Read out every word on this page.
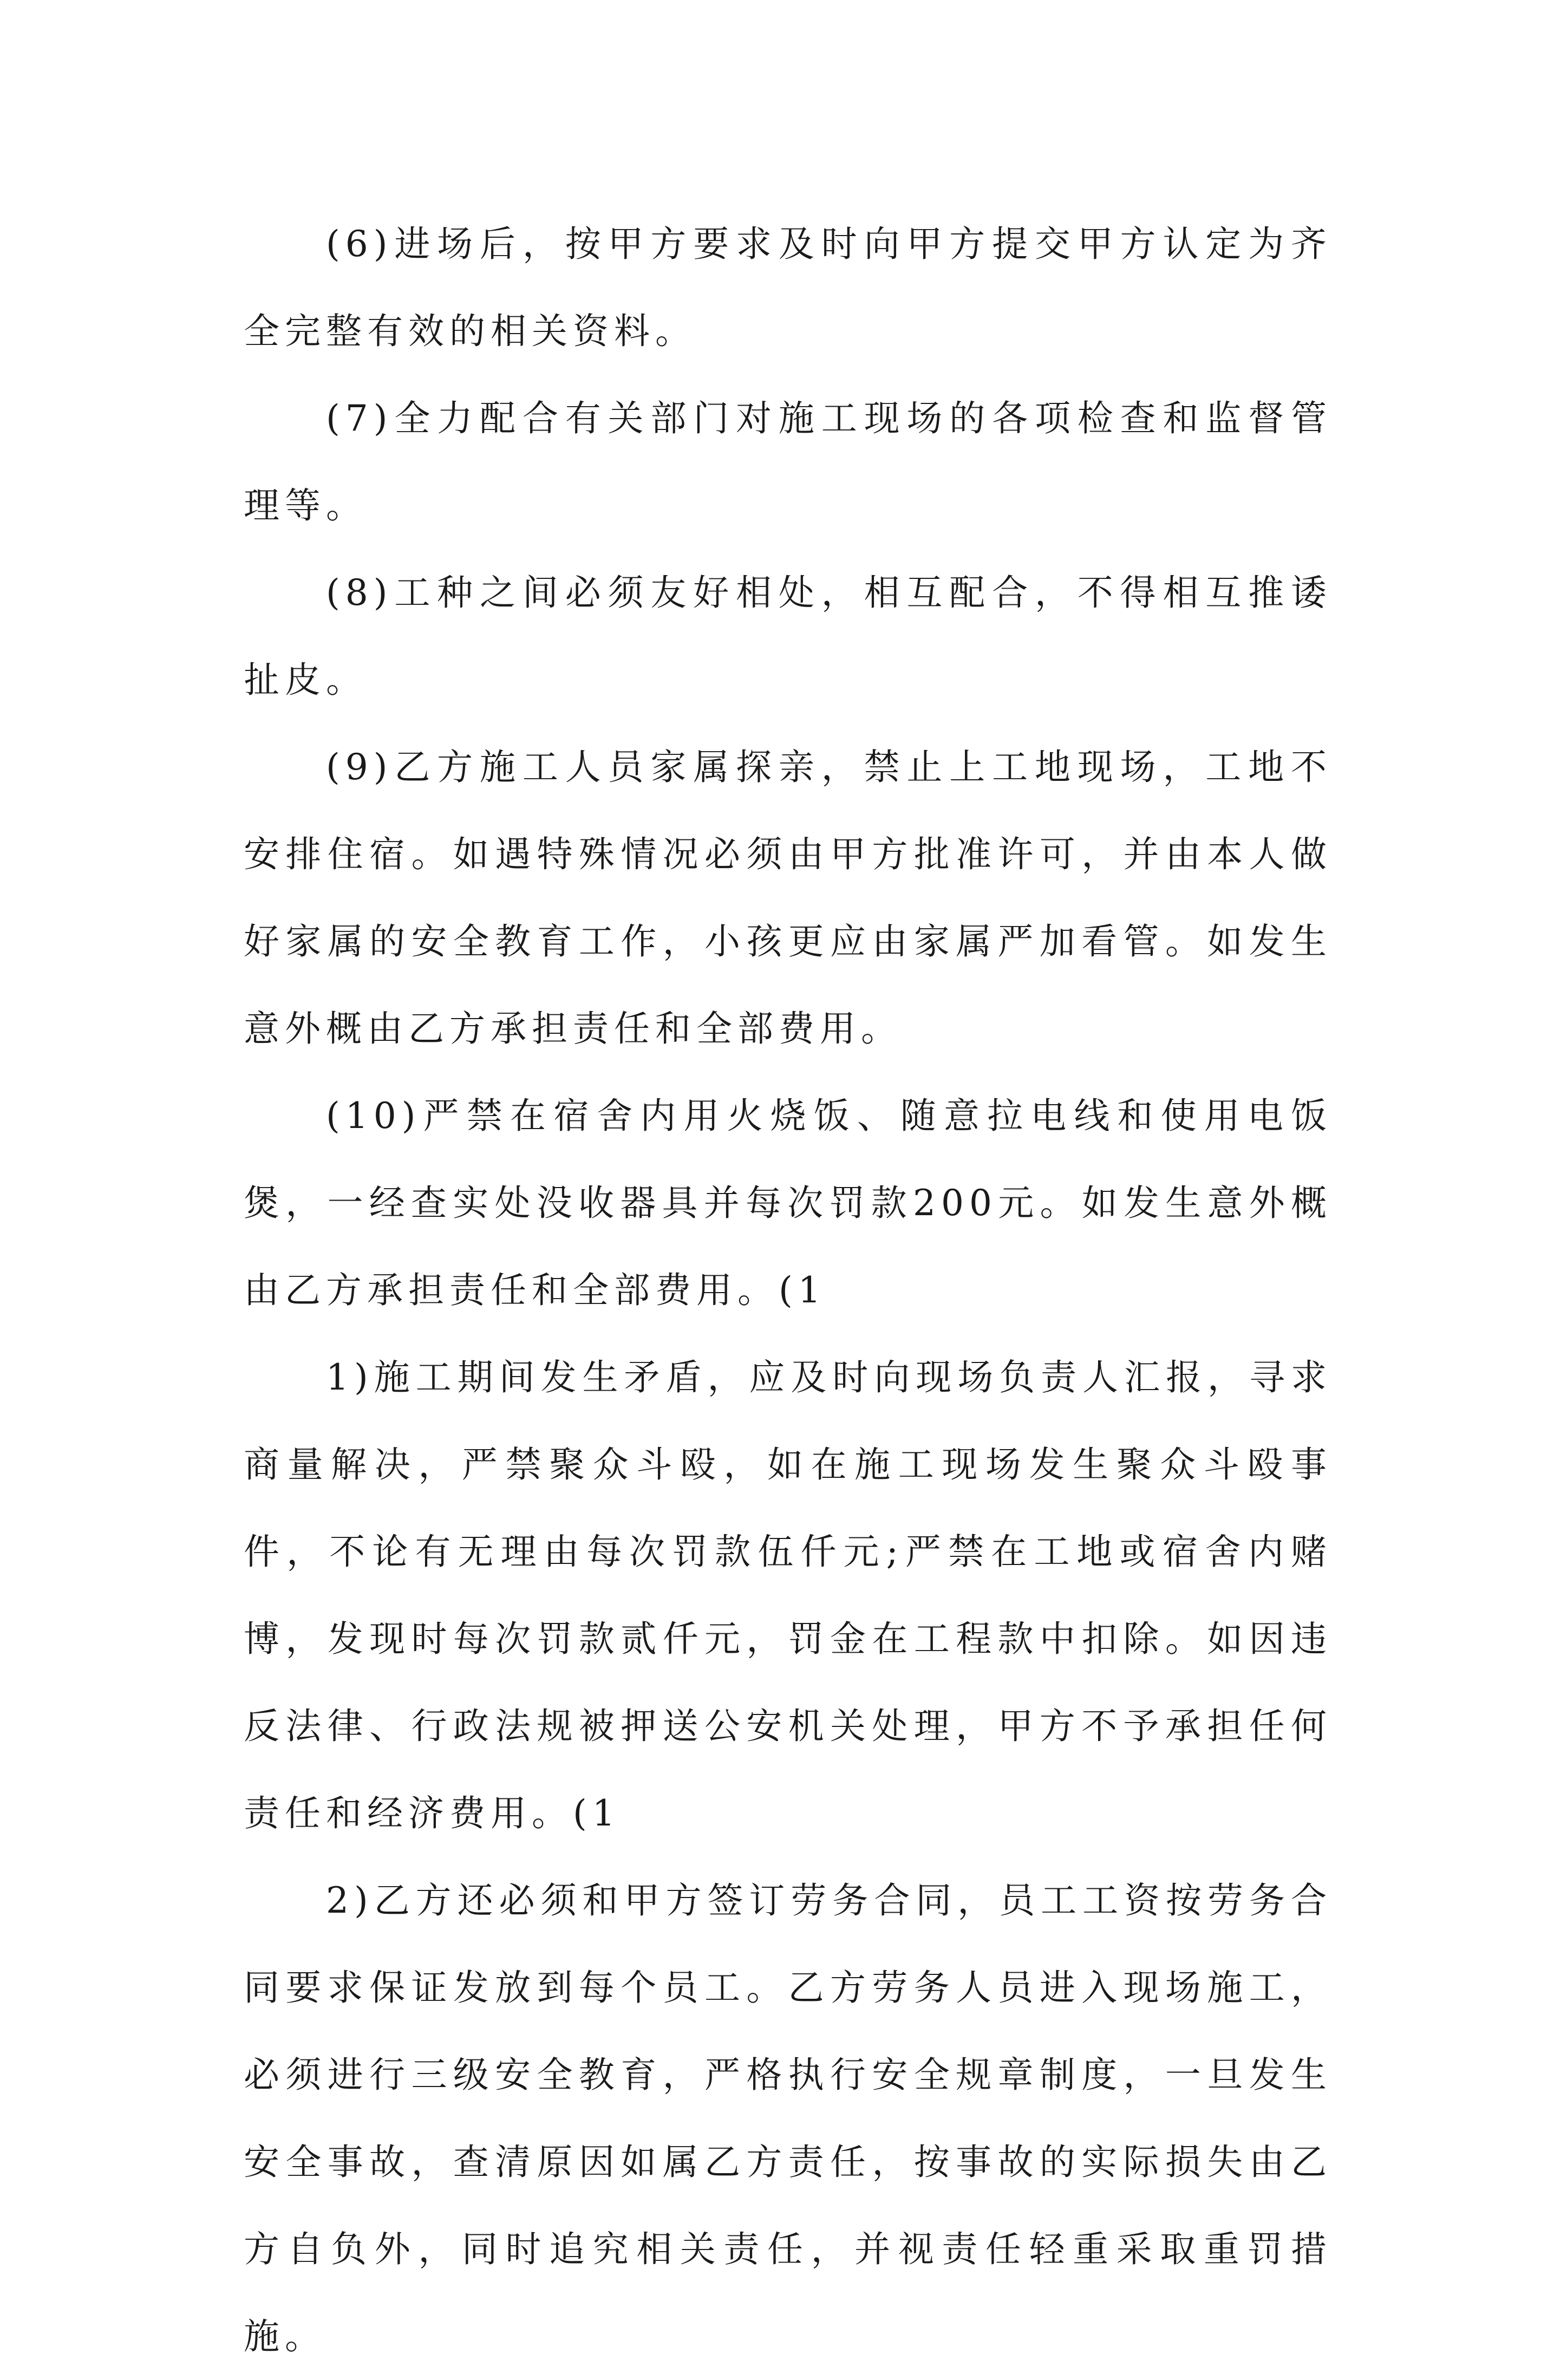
(6)进场后，按甲方要求及时向甲方提交甲方认定为齐全完整有效的相关资料。

(7)全力配合有关部门对施工现场的各项检查和监督管理等。

(8)工种之间必须友好相处，相互配合，不得相互推诿扯皮。

(9)乙方施工人员家属探亲，禁止上工地现场，工地不安排住宿。如遇特殊情况必须由甲方批准许可，并由本人做好家属的安全教育工作，小孩更应由家属严加看管。如发生意外概由乙方承担责任和全部费用。

(10)严禁在宿舍内用火烧饭、随意拉电线和使用电饭煲，一经查实处没收器具并每次罚款200元。如发生意外概由乙方承担责任和全部费用。(1

1)施工期间发生矛盾，应及时向现场负责人汇报，寻求商量解决，严禁聚众斗殴，如在施工现场发生聚众斗殴事件，不论有无理由每次罚款伍仟元;严禁在工地或宿舍内赌博，发现时每次罚款贰仟元，罚金在工程款中扣除。如因违反法律、行政法规被押送公安机关处理，甲方不予承担任何责任和经济费用。(1

2)乙方还必须和甲方签订劳务合同，员工工资按劳务合同要求保证发放到每个员工。乙方劳务人员进入现场施工，必须进行三级安全教育，严格执行安全规章制度，一旦发生安全事故，查清原因如属乙方责任，按事故的实际损失由乙方自负外，同时追究相关责任，并视责任轻重采取重罚措施。
